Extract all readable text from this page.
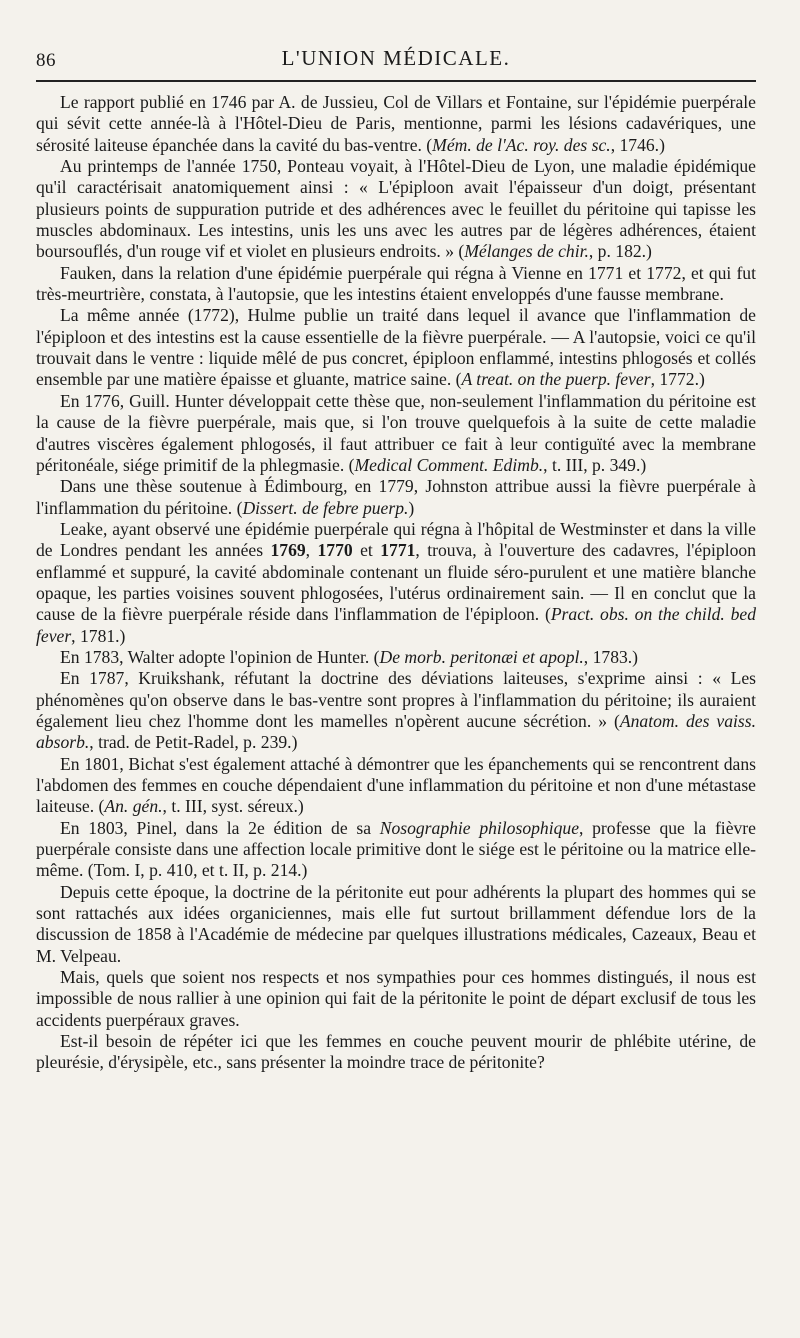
86	L'UNION MÉDICALE.

Le rapport publié en 1746 par A. de Jussieu, Col de Villars et Fontaine, sur l'épidémie puerpérale qui sévit cette année-là à l'Hôtel-Dieu de Paris, mentionne, parmi les lésions cadavériques, une sérosité laiteuse épanchée dans la cavité du bas-ventre. (Mém. de l'Ac. roy. des sc., 1746.)

Au printemps de l'année 1750, Ponteau voyait, à l'Hôtel-Dieu de Lyon, une maladie épidémique qu'il caractérisait anatomiquement ainsi : « L'épiploon avait l'épaisseur d'un doigt, présentant plusieurs points de suppuration putride et des adhérences avec le feuillet du péritoine qui tapisse les muscles abdominaux. Les intestins, unis les uns avec les autres par de légères adhérences, étaient boursouflés, d'un rouge vif et violet en plusieurs endroits. » (Mélanges de chir., p. 182.)

Fauken, dans la relation d'une épidémie puerpérale qui régna à Vienne en 1771 et 1772, et qui fut très-meurtrière, constata, à l'autopsie, que les intestins étaient enveloppés d'une fausse membrane.

La même année (1772), Hulme publie un traité dans lequel il avance que l'inflammation de l'épiploon et des intestins est la cause essentielle de la fièvre puerpérale. — A l'autopsie, voici ce qu'il trouvait dans le ventre : liquide mêlé de pus concret, épiploon enflammé, intestins phlogosés et collés ensemble par une matière épaisse et gluante, matrice saine. (A treat. on the puerp. fever, 1772.)

En 1776, Guill. Hunter développait cette thèse que, non-seulement l'inflammation du péritoine est la cause de la fièvre puerpérale, mais que, si l'on trouve quelquefois à la suite de cette maladie d'autres viscères également phlogosés, il faut attribuer ce fait à leur contiguïté avec la membrane péritonéale, siége primitif de la phlegmasie. (Medical Comment. Edimb., t. III, p. 349.)

Dans une thèse soutenue à Édimbourg, en 1779, Johnston attribue aussi la fièvre puerpérale à l'inflammation du péritoine. (Dissert. de febre puerp.)

Leake, ayant observé une épidémie puerpérale qui régna à l'hôpital de Westminster et dans la ville de Londres pendant les années 1769, 1770 et 1771, trouva, à l'ouverture des cadavres, l'épiploon enflammé et suppuré, la cavité abdominale contenant un fluide séro-purulent et une matière blanche opaque, les parties voisines souvent phlogosées, l'utérus ordinairement sain. — Il en conclut que la cause de la fièvre puerpérale réside dans l'inflammation de l'épiploon. (Pract. obs. on the child. bed fever, 1781.)

En 1783, Walter adopte l'opinion de Hunter. (De morb. peritonæi et apopl., 1783.)

En 1787, Kruikshank, réfutant la doctrine des déviations laiteuses, s'exprime ainsi : « Les phénomènes qu'on observe dans le bas-ventre sont propres à l'inflammation du péritoine; ils auraient également lieu chez l'homme dont les mamelles n'opèrent aucune sécrétion. » (Anatom. des vaiss. absorb., trad. de Petit-Radel, p. 239.)

En 1801, Bichat s'est également attaché à démontrer que les épanchements qui se rencontrent dans l'abdomen des femmes en couche dépendaient d'une inflammation du péritoine et non d'une métastase laiteuse. (An. gén., t. III, syst. séreux.)

En 1803, Pinel, dans la 2e édition de sa Nosographie philosophique, professe que la fièvre puerpérale consiste dans une affection locale primitive dont le siége est le péritoine ou la matrice elle-même. (Tom. I, p. 410, et t. II, p. 214.)

Depuis cette époque, la doctrine de la péritonite eut pour adhérents la plupart des hommes qui se sont rattachés aux idées organiciennes, mais elle fut surtout brillamment défendue lors de la discussion de 1858 à l'Académie de médecine par quelques illustrations médicales, Cazeaux, Beau et M. Velpeau.

Mais, quels que soient nos respects et nos sympathies pour ces hommes distingués, il nous est impossible de nous rallier à une opinion qui fait de la péritonite le point de départ exclusif de tous les accidents puerpéraux graves.

Est-il besoin de répéter ici que les femmes en couche peuvent mourir de phlébite utérine, de pleurésie, d'érysipèle, etc., sans présenter la moindre trace de péritonite?
